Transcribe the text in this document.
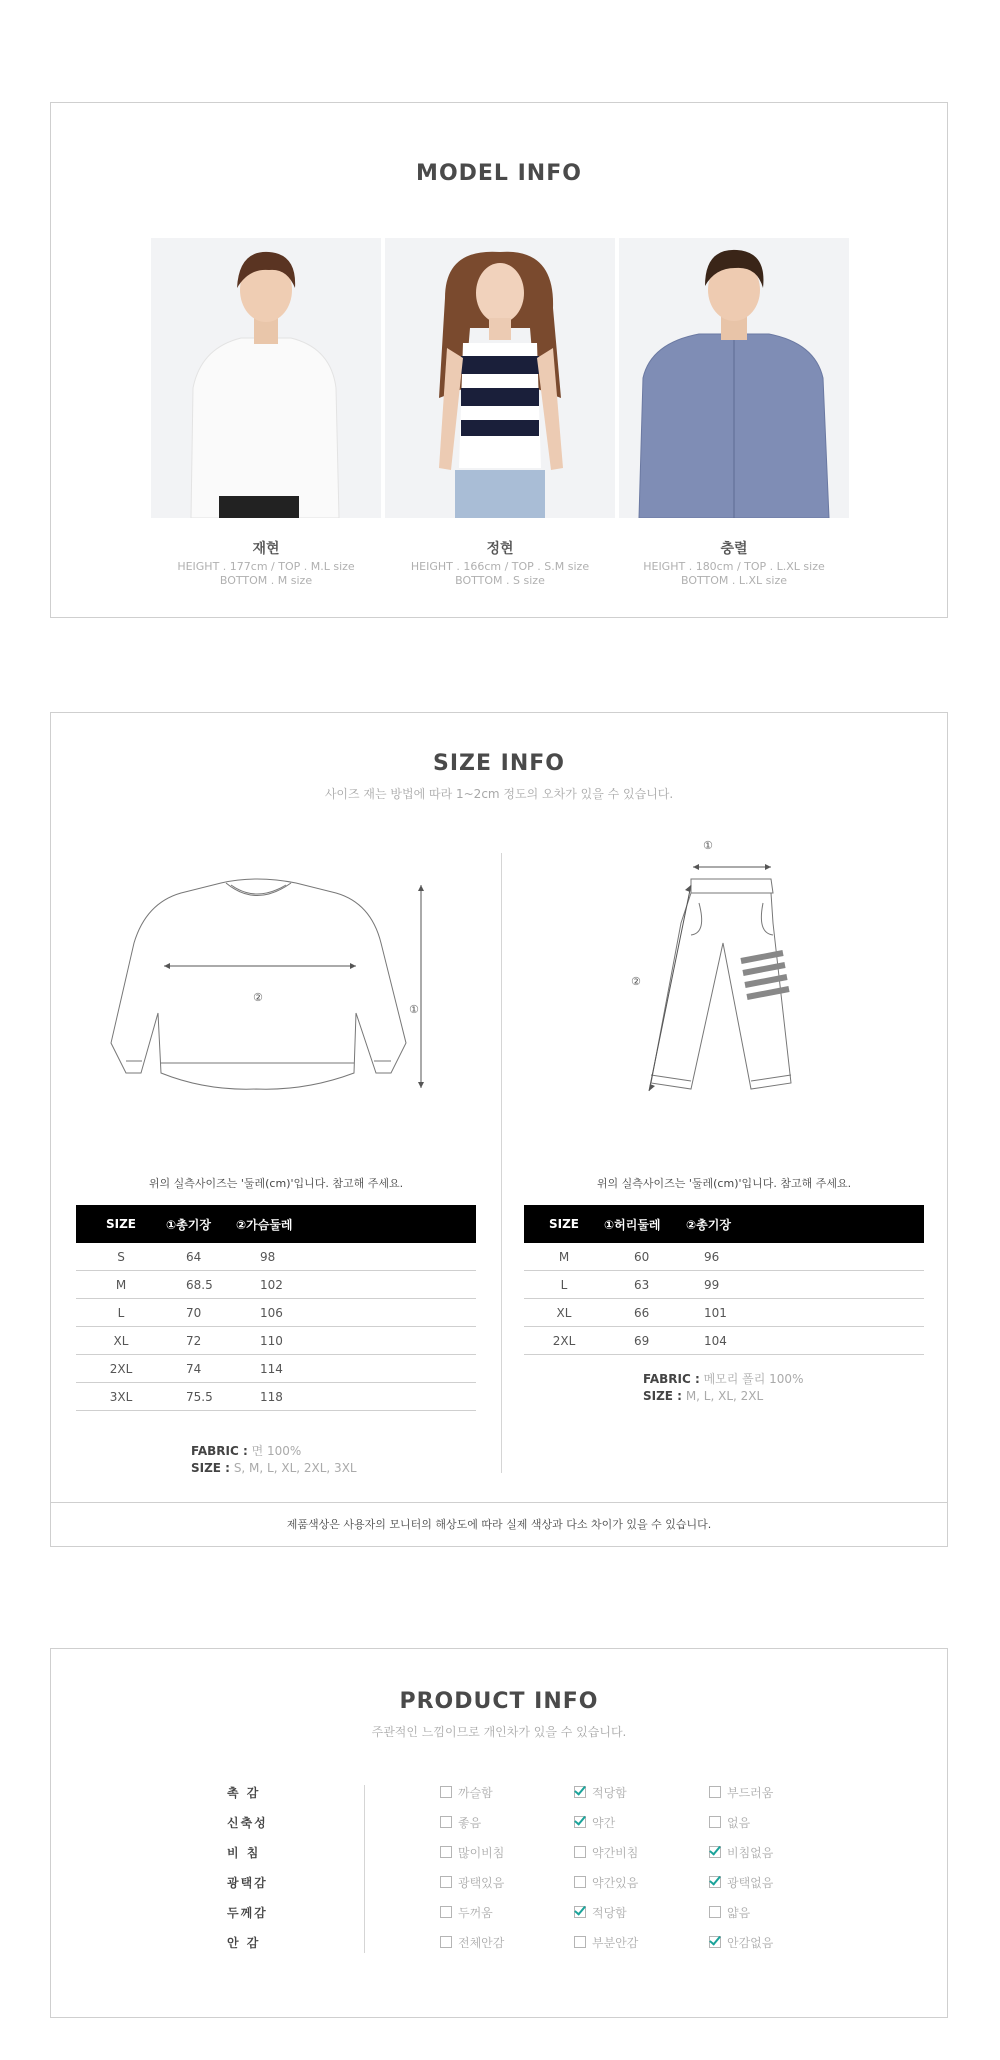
MODEL INFO
재현
HEIGHT . 177cm / TOP . M.L size
BOTTOM . M size
정현
HEIGHT . 166cm / TOP . S.M size
BOTTOM . S size
충렬
HEIGHT . 180cm / TOP . L.XL size
BOTTOM . L.XL size
SIZE INFO
사이즈 재는 방법에 따라 1~2cm 정도의 오차가 있을 수 있습니다.
②
①
위의 실측사이즈는 '둘레(cm)'입니다. 참고해 주세요.
SIZE	①총기장	②가슴둘레
S	64	98
M	68.5	102
L	70	106
XL	72	110
2XL	74	114
3XL	75.5	118
FABRIC : 면 100%
SIZE : S, M, L, XL, 2XL, 3XL
①
②
위의 실측사이즈는 '둘레(cm)'입니다. 참고해 주세요.
SIZE	①허리둘레	②총기장
M	60	96
L	63	99
XL	66	101
2XL	69	104
FABRIC : 메모리 폴리 100%
SIZE : M, L, XL, 2XL
제품색상은 사용자의 모니터의 해상도에 따라 실제 색상과 다소 차이가 있을 수 있습니다.
PRODUCT INFO
주관적인 느낌이므로 개인차가 있을 수 있습니다.
촉 감	까슬함	적당함	부드러움
신축성	좋음	약간	없음
비 침	많이비침	약간비침	비침없음
광택감	광택있음	약간있음	광택없음
두께감	두꺼움	적당함	얇음
안 감	전체안감	부분안감	안감없음
